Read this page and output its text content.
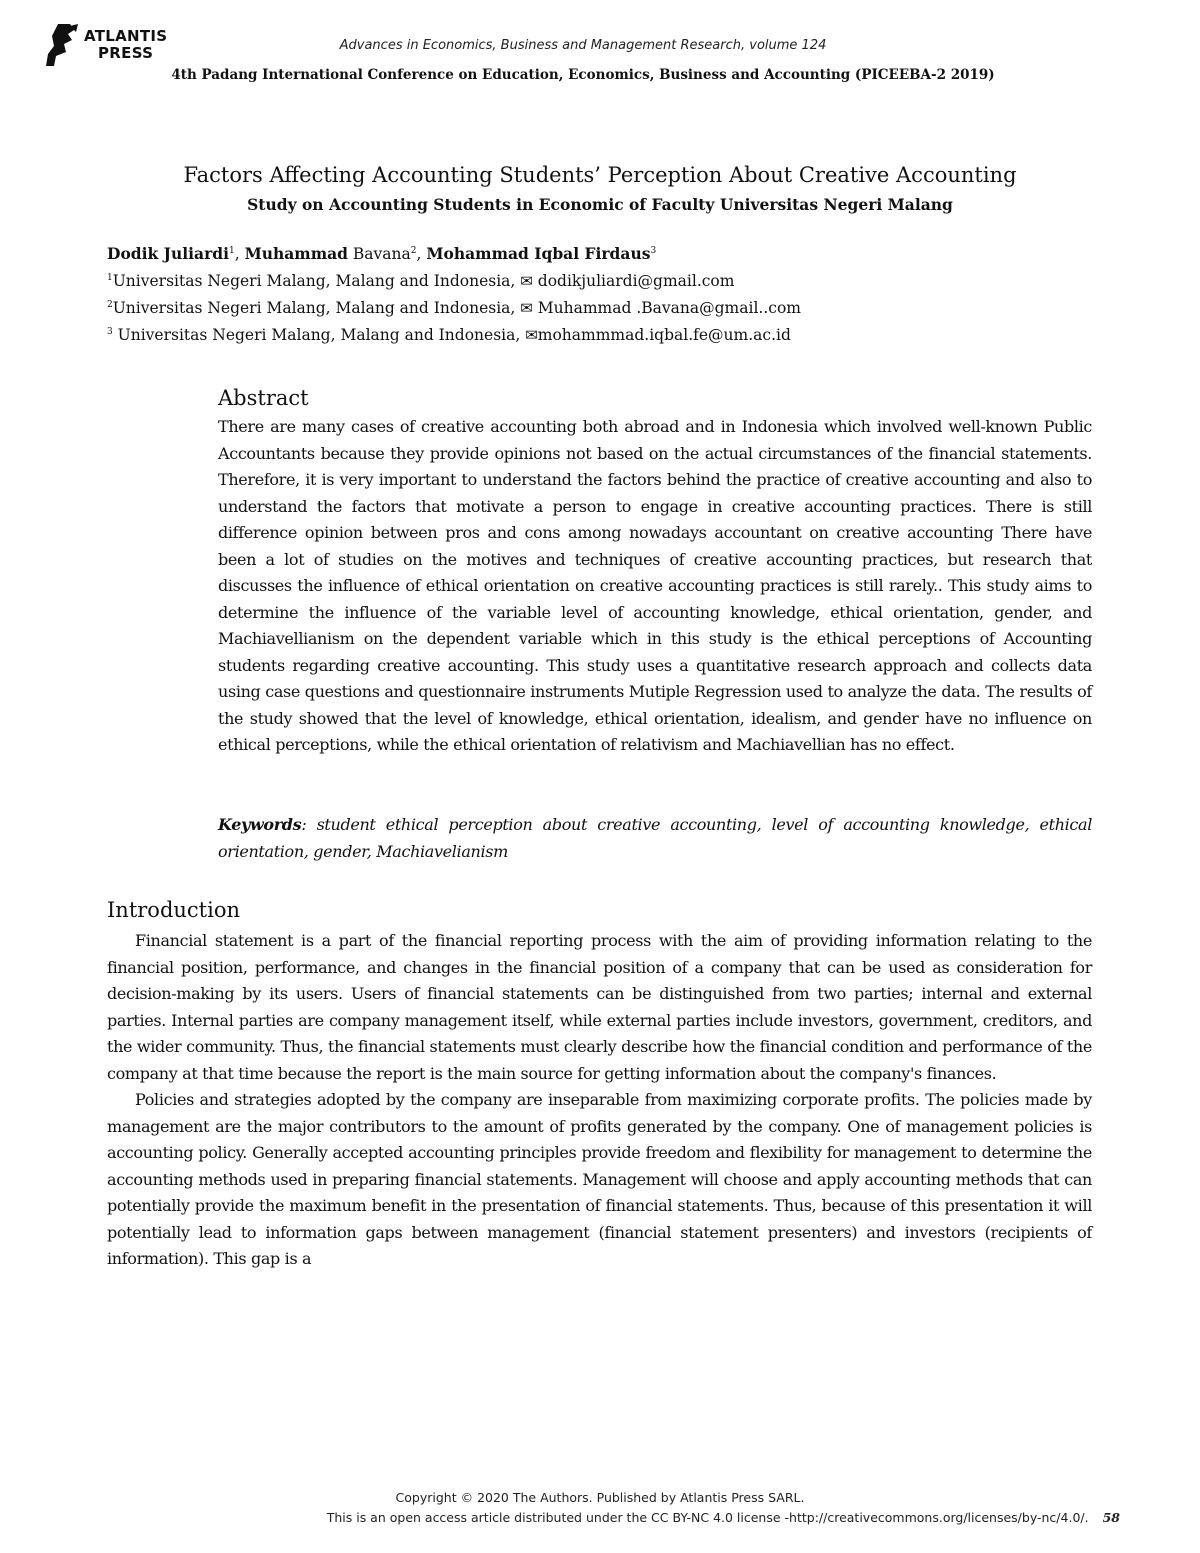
ATLANTIS
PRESS	Advances in Economics, Business and Management Research, volume 124
4th Padang International Conference on Education, Economics, Business and Accounting (PICEEBA-2 2019)
Factors Affecting Accounting Students’ Perception About Creative Accounting
Study on Accounting Students in Economic of Faculty Universitas Negeri Malang
Dodik Juliardi$^1$, Muhammad Bavana$^2$, Mohammad Iqbal Firdaus$^3$
$^1$Universitas Negeri Malang, Malang and Indonesia, ✉ dodikjuliardi@gmail.com
$^2$Universitas Negeri Malang, Malang and Indonesia, ✉ Muhammad .Bavana@gmail..com
$^3$ Universitas Negeri Malang, Malang and Indonesia, ✉mohammmad.iqbal.fe@um.ac.id
Abstract

There are many cases of creative accounting both abroad and in Indonesia which involved well-known Public Accountants because they provide opinions not based on the actual circumstances of the financial statements. Therefore, it is very important to understand the factors behind the practice of creative accounting and also to understand the factors that motivate a person to engage in creative accounting practices. There is still difference opinion between pros and cons among nowadays accountant on creative accounting There have been a lot of studies on the motives and techniques of creative accounting practices, but research that discusses the influence of ethical orientation on creative accounting practices is still rarely.. This study aims to determine the influence of the variable level of accounting knowledge, ethical orientation, gender, and Machiavellianism on the dependent variable which in this study is the ethical perceptions of Accounting students regarding creative accounting. This study uses a quantitative research approach and collects data using case questions and questionnaire instruments Mutiple Regression used to analyze the data. The results of the study showed that the level of knowledge, ethical orientation, idealism, and gender have no influence on ethical perceptions, while the ethical orientation of relativism and Machiavellian has no effect.

Keywords: student ethical perception about creative accounting, level of accounting knowledge, ethical orientation, gender, Machiavelianism

Introduction

Financial statement is a part of the financial reporting process with the aim of providing information relating to the financial position, performance, and changes in the financial position of a company that can be used as consideration for decision-making by its users. Users of financial statements can be distinguished from two parties; internal and external parties. Internal parties are company management itself, while external parties include investors, government, creditors, and the wider community. Thus, the financial statements must clearly describe how the financial condition and performance of the company at that time because the report is the main source for getting information about the company's finances.

Policies and strategies adopted by the company are inseparable from maximizing corporate profits. The policies made by management are the major contributors to the amount of profits generated by the company. One of management policies is accounting policy. Generally accepted accounting principles provide freedom and flexibility for management to determine the accounting methods used in preparing financial statements. Management will choose and apply accounting methods that can potentially provide the maximum benefit in the presentation of financial statements. Thus, because of this presentation it will potentially lead to information gaps between management (financial statement presenters) and investors (recipients of information). This gap is a

Copyright © 2020 The Authors. Published by Atlantis Press SARL.
This is an open access article distributed under the CC BY-NC 4.0 license -http://creativecommons.org/licenses/by-nc/4.0/. 58
